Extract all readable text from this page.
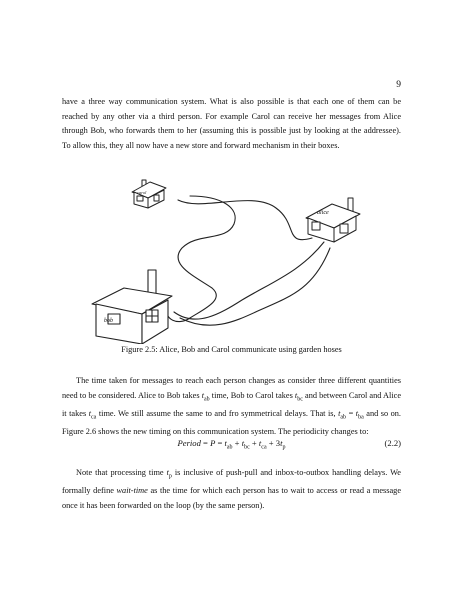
9

have a three way communication system. What is also possible is that each one of them can be reached by any other via a third person. For example Carol can receive her messages from Alice through Bob, who forwards them to her (assuming this is possible just by looking at the addressee). To allow this, they all now have a new store and forward mechanism in their boxes.

carol
alice
bob
Figure 2.5: Alice, Bob and Carol communicate using garden hoses

The time taken for messages to reach each person changes as consider three different quantities need to be considered. Alice to Bob takes $t_{ab}$ time, Bob to Carol takes $t_{bc}$ and between Carol and Alice it takes $t_{ca}$ time. We still assume the same to and fro symmetrical delays. That is, $t_{ab} = t_{ba}$ and so on. Figure 2.6 shows the new timing on this communication system. The periodicity changes to:

Period = $P = t_{ab} + t_{bc} + t_{ca} + 3t_p$	(2.2)

Note that processing time $t_p$ is inclusive of push-pull and inbox-to-outbox handling delays. We formally define wait-time as the time for which each person has to wait to access or read a message once it has been forwarded on the loop (by the same person).
